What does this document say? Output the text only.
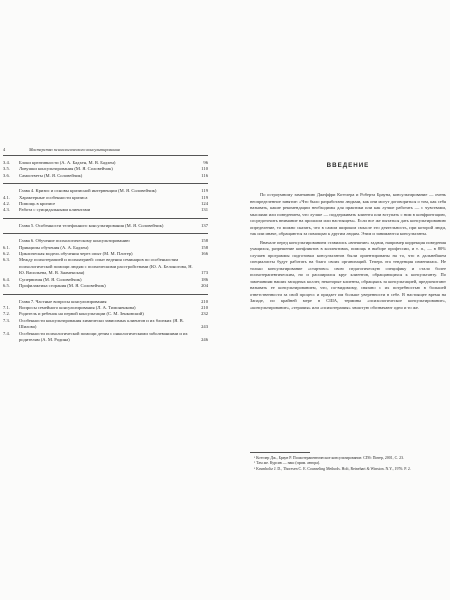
4	Мастерство психологического консультирования
3.4. Блоки креативности (А. А. Бадхен, М. В. Бадхен)	96
3.5. Ловушки консультирования (М. Я. Соловейчик)	110
3.6. Самоответы (М. Я. Соловейчик)	116
Глава 4. Кризис и основы кризисной интервенции (М. Я. Соловейчик)	119
4.1. Характерные особенности кризиса	119
4.2. Помощь в кризисе	124
4.3. Работа с суицидальными клиентами	131
Глава 5. Особенности телефонного консультирования (М. Я. Соловейчик)	137
Глава 6. Обучение психологическому консультированию	158
6.1. Принципы обучения (А. А. Бадхен)	158
6.2. Цикличеcкая модель обучения через опыт (М. М. Плотер)	166
6.3. Между психотерапией и психиатрией: опыт ведения семинаров по особенностям психологической помощи людям с психическими расстройствами (Ю. А. Белоногова, Н. Ю. Васильева, М. В. Знаменская)	173
6.4. Супервизия (М. Я. Соловейчик)	186
6.5. Профилактика сгорания (М. Я. Соловейчик)	204
Глава 7. Частные вопросы консультирования	210
7.1. Вопросы семейного консультирования (Л. А. Тимоненкова)	210
7.2. Родитель и ребенок на первой консультации (С. М. Зенковский)	232
7.3. Особенности консультирования химически зависимых клиентов и их близких (Я. В. Шилова)	243
7.4. Особенности психологической помощи детям с онкологическими заболеваниями и их родителям (А. М. Родина)	246
ВВЕДЕНИЕ

По остроумному замечанию Джеффри Коттлера и Роберта Брауна, консультирование — очень неопределенное занятие: «Что было разработано людьми, как они могут договориться о том, как себя называть, какие рекомендации необходимы для практики или как лучше работать — с чувствами, мыслями или поведением, что лучше — поддерживать клиента или вступать с ним в конфронтацию, сосредоточить внимание на прошлом или настоящем». Если все же пытаться дать консультированию определение, то можно сказать, что в самом широком смысле это деятельность, при которой люди, так или иначе, обращаются за помощью к другим людям. Этим и занимаются консультанты.

Вначале перед консультированием ставились «внешние» задачи, например коррекция поведения учащихся, разрешение конфликтов в коллективах, помощь в выборе профессии, и т. п., — в 80% случаев программы подготовки консультантов были ориентированы на то, что в дальнейшем специалисты будут работать на благо своих организаций. Теперь эта тенденция изменилась. Не только консультирование «стартово» свою педагогическую специфику и стало более психотерапевтическим, но и расширился круг клиентов, обращающихся к консультанту. По замечаниям наших западных коллег, некоторые клиенты, обращаясь за консультацией, предпочитают называть ее консультированием, что, по-видимому, связано с их потребностью в большей ответственности за свой процесс и придает им больше уверенности в себе. В настоящее время на Западе, по крайней мере в США, термины «психологическое консультирование», «консультирование», «терапия» или «психотерапия» зачастую обозначают одно и то же.

¹ Коттлер Дж., Браун Р. Психотерапевтическое консультирование. СПб: Питер, 2001, С. 23.

² Там же. Курсив — наш (прим. автора).

³ Krumboltz J. D., Thoresen C. E. Counseling Methods. Holt, Reinehart & Winston. N.Y., 1976. P. 2.
